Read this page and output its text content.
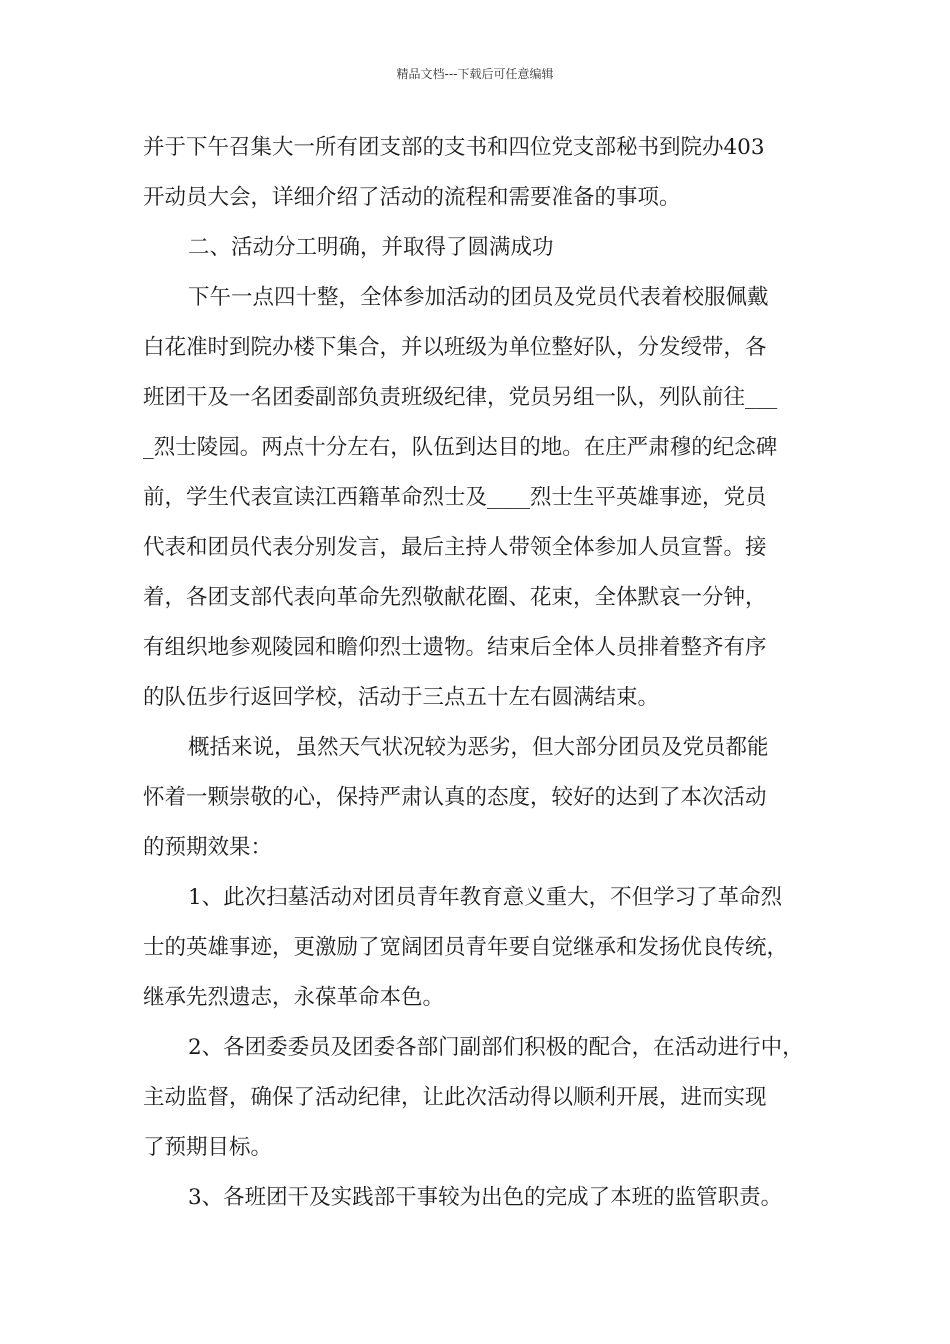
精品文档---下载后可任意编辑
并于下午召集大一所有团支部的支书和四位党支部秘书到院办403
开动员大会，详细介绍了活动的流程和需要准备的事项。
二、活动分工明确，并取得了圆满成功
下午一点四十整，全体参加活动的团员及党员代表着校服佩戴
白花准时到院办楼下集合，并以班级为单位整好队，分发绶带，各
班团干及一名团委副部负责班级纪律，党员另组一队，列队前往___
_烈士陵园。两点十分左右，队伍到达目的地。在庄严肃穆的纪念碑
前，学生代表宣读江西籍革命烈士及____烈士生平英雄事迹，党员
代表和团员代表分别发言，最后主持人带领全体参加人员宣誓。接
着，各团支部代表向革命先烈敬献花圈、花束，全体默哀一分钟，
有组织地参观陵园和瞻仰烈士遗物。结束后全体人员排着整齐有序
的队伍步行返回学校，活动于三点五十左右圆满结束。
概括来说，虽然天气状况较为恶劣，但大部分团员及党员都能
怀着一颗崇敬的心，保持严肃认真的态度，较好的达到了本次活动
的预期效果：
1、此次扫墓活动对团员青年教育意义重大，不但学习了革命烈
士的英雄事迹，更激励了宽阔团员青年要自觉继承和发扬优良传统，
继承先烈遗志，永葆革命本色。
2、各团委委员及团委各部门副部们积极的配合，在活动进行中，
主动监督，确保了活动纪律，让此次活动得以顺利开展，进而实现
了预期目标。
3、各班团干及实践部干事较为出色的完成了本班的监管职责。
